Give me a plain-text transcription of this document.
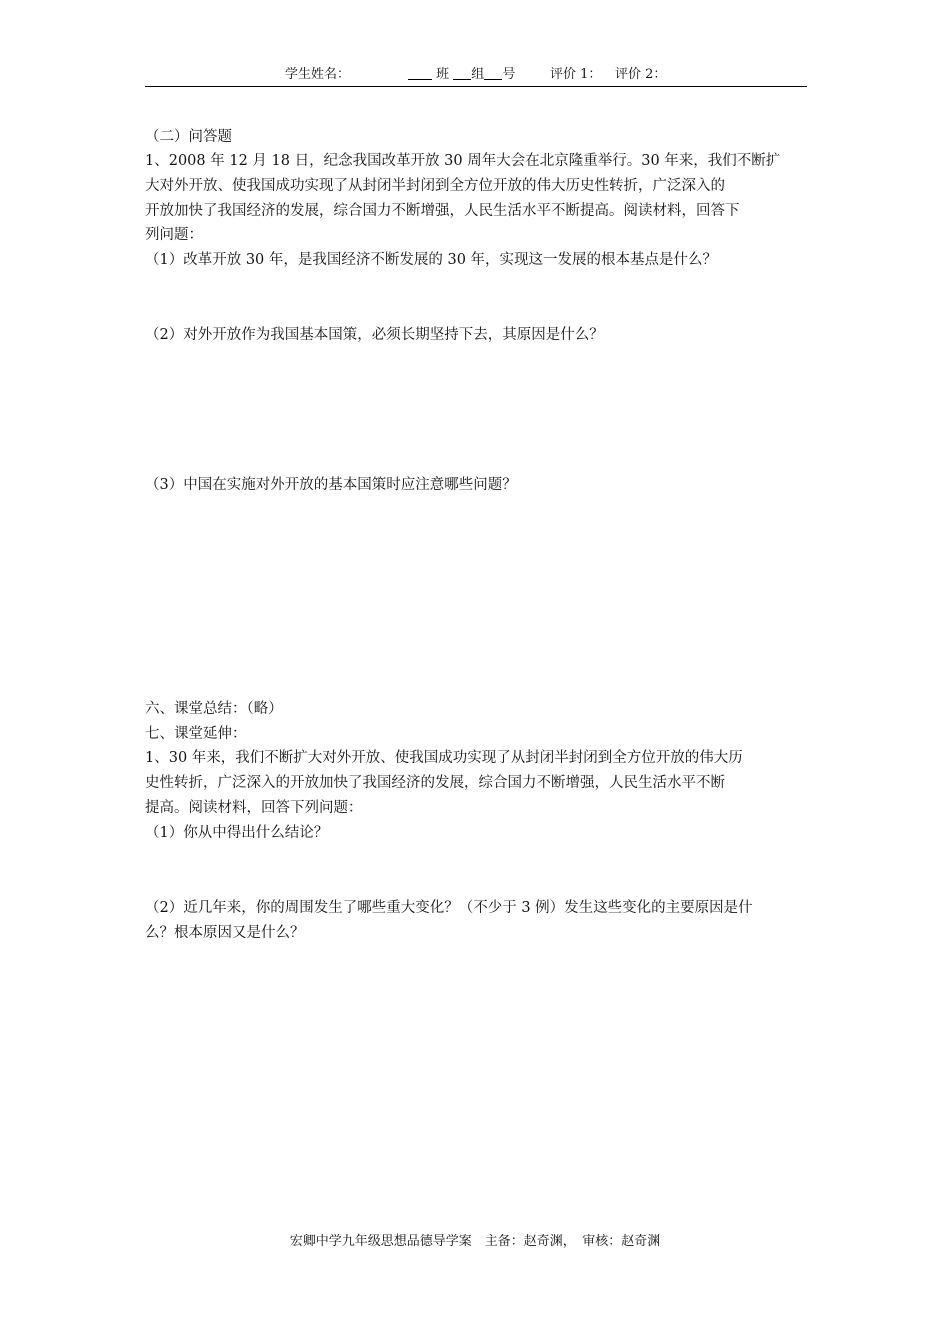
学生姓名：	班 组 号	评价 1： 评价 2：
（二）问答题
1、2008 年 12 月 18 日，纪念我国改革开放 30 周年大会在北京隆重举行。30 年来，我们不断扩
大对外开放、使我国成功实现了从封闭半封闭到全方位开放的伟大历史性转折，广泛深入的
开放加快了我国经济的发展，综合国力不断增强，人民生活水平不断提高。阅读材料，回答下
列问题：
（1）改革开放 30 年，是我国经济不断发展的 30 年，实现这一发展的根本基点是什么？
（2）对外开放作为我国基本国策，必须长期坚持下去，其原因是什么？
（3）中国在实施对外开放的基本国策时应注意哪些问题？
六、课堂总结：（略）
七、课堂延伸：
1、30 年来，我们不断扩大对外开放、使我国成功实现了从封闭半封闭到全方位开放的伟大历
史性转折，广泛深入的开放加快了我国经济的发展，综合国力不断增强，人民生活水平不断
提高。阅读材料，回答下列问题：
（1）你从中得出什么结论？
（2）近几年来，你的周围发生了哪些重大变化？（不少于 3 例）发生这些变化的主要原因是什
么？根本原因又是什么？
宏卿中学九年级思想品德导学案　主备：赵奇渊，　审核：赵奇渊
